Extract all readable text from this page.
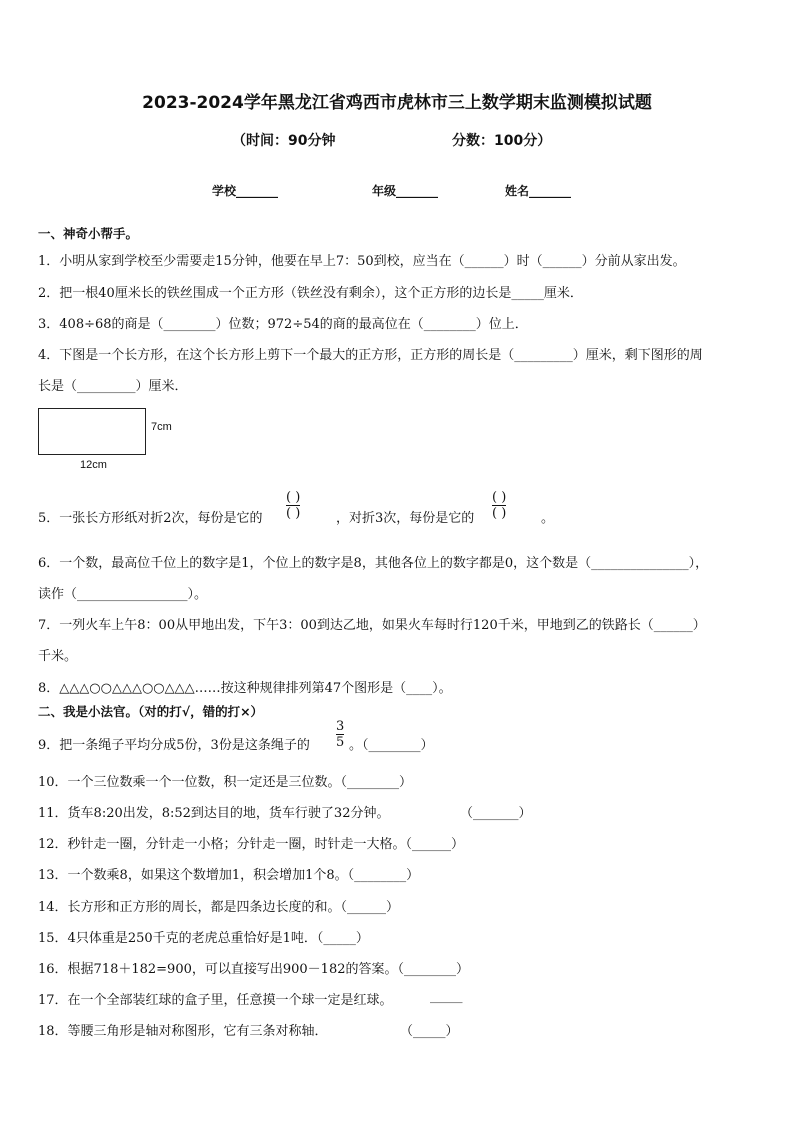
2023-2024学年黑龙江省鸡西市虎林市三上数学期末监测模拟试题
（时间：90分钟	分数：100分）
学校_______	年级_______	姓名_______
一、神奇小帮手。
1．小明从家到学校至少需要走15分钟，他要在早上7：50到校，应当在（______）时（______）分前从家出发。
2．把一根40厘米长的铁丝围成一个正方形（铁丝没有剩余），这个正方形的边长是_____厘米．
3．408÷68的商是（________）位数；972÷54的商的最高位在（________）位上．
4．下图是一个长方形，在这个长方形上剪下一个最大的正方形，正方形的周长是（_________）厘米，剩下图形的周
长是（_________）厘米．
7cm
12cm
5．一张长方形纸对折2次，每份是它的 $\frac{( )}{( )}$	，对折3次，每份是它的 $\frac{( )}{( )}$	。
6．一个数，最高位千位上的数字是1，个位上的数字是8，其他各位上的数字都是0，这个数是（_______________），
读作（_________________）。
7．一列火车上午8：00从甲地出发，下午3：00到达乙地，如果火车每时行120千米，甲地到乙的铁路长（______）
千米。
8．△△△○○△△△○○△△△……按这种规律排列第47个图形是（____）。
二、我是小法官。（对的打√，错的打×）
9．把一条绳子平均分成5份，3份是这条绳子的 $\frac{3}{5}$ 。（________）
10．一个三位数乘一个一位数，积一定还是三位数。（________）
11．货车8:20出发，8:52到达目的地，货车行驶了32分钟。	（_______）
12．秒针走一圈，分针走一小格；分针走一圈，时针走一大格。（______）
13．一个数乘8，如果这个数增加1，积会增加1个8。（________）
14．长方形和正方形的周长，都是四条边长度的和。（______）
15．4只体重是250千克的老虎总重恰好是1吨．（_____）
16．根据718＋182=900，可以直接写出900－182的答案。（________）
17．在一个全部装红球的盒子里，任意摸一个球一定是红球。	_____
18．等腰三角形是轴对称图形，它有三条对称轴．	（_____）
